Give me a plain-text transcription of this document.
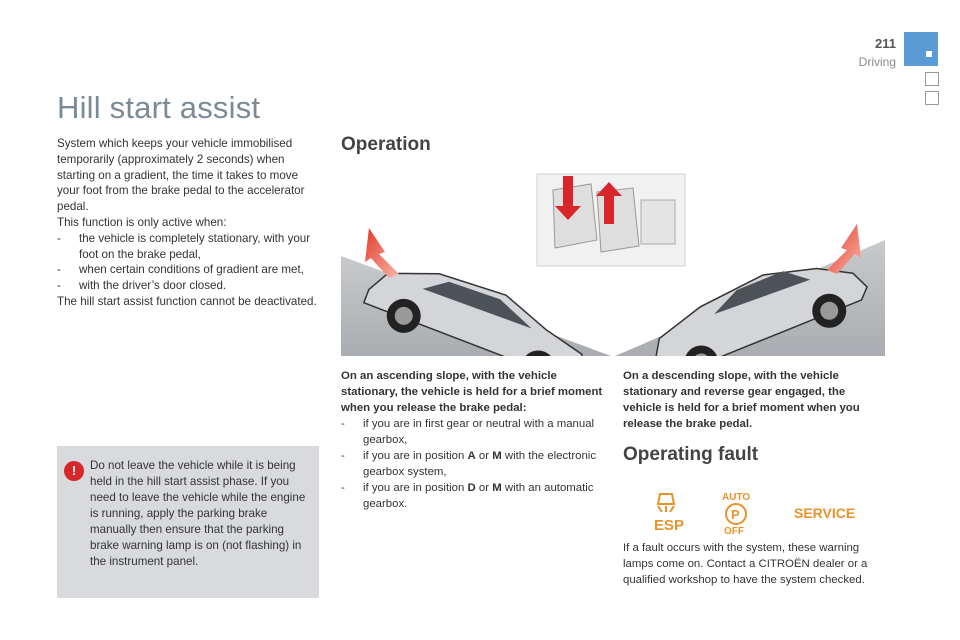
211
Driving
Hill start assist

System which keeps your vehicle immobilised temporarily (approximately 2 seconds) when starting on a gradient, the time it takes to move your foot from the brake pedal to the accelerator pedal.

This function is only active when:

-	the vehicle is completely stationary, with your foot on the brake pedal,
-	when certain conditions of gradient are met,
-	with the driver’s door closed.

The hill start assist function cannot be deactivated.

!	Do not leave the vehicle while it is being held in the hill start assist phase. If you need to leave the vehicle while the engine is running, apply the parking brake manually then ensure that the parking brake warning lamp is on (not flashing) in the instrument panel.
Operation
On an ascending slope, with the vehicle stationary, the vehicle is held for a brief moment when you release the brake pedal:
-	if you are in first gear or neutral with a manual gearbox,
-	if you are in position A or M with the electronic gearbox system,
-	if you are in position D or M with an automatic gearbox.
On a descending slope, with the vehicle stationary and reverse gear engaged, the vehicle is held for a brief moment when you release the brake pedal.
Operating fault
ESP
AUTO
P
OFF
SERVICE
If a fault occurs with the system, these warning lamps come on. Contact a CITROËN dealer or a qualified workshop to have the system checked.
